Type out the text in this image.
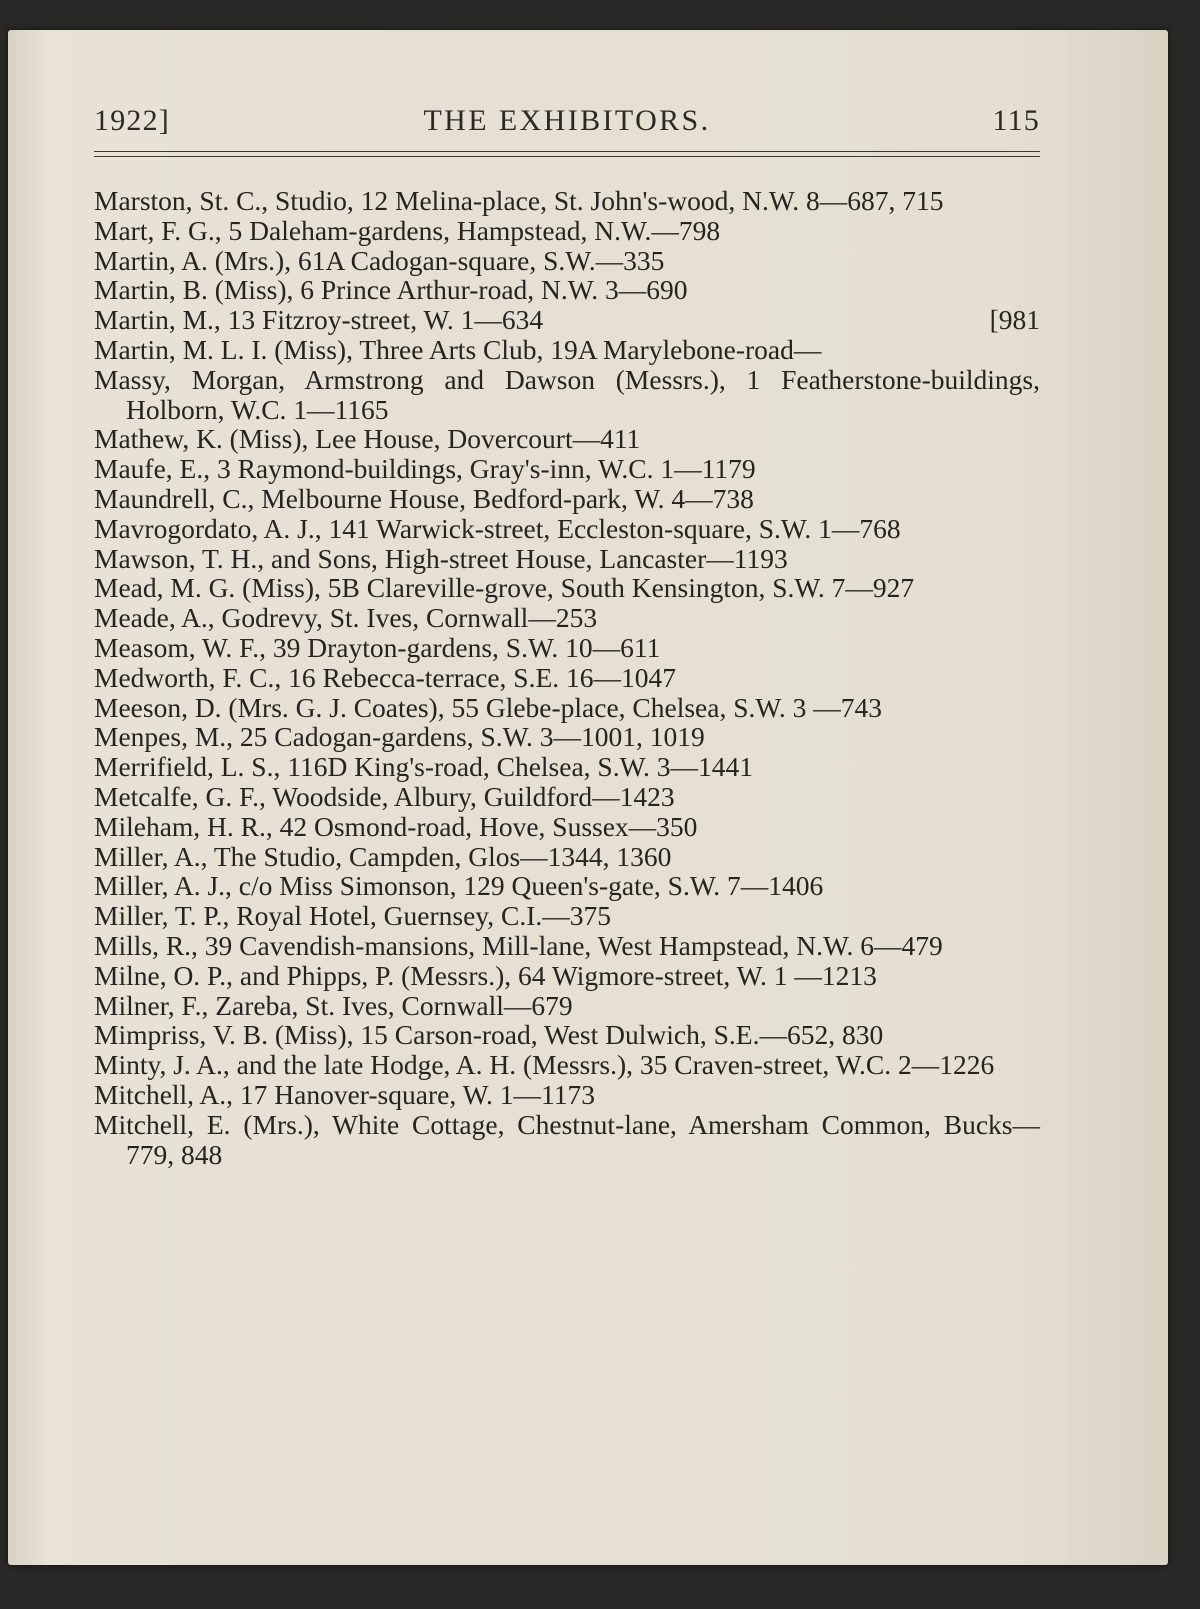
1922]	THE EXHIBITORS.	115

Marston, St. C., Studio, 12 Melina-place, St. John's-wood, N.W. 8—687, 715

Mart, F. G., 5 Daleham-gardens, Hampstead, N.W.—798

Martin, A. (Mrs.), 61A Cadogan-square, S.W.—335

Martin, B. (Miss), 6 Prince Arthur-road, N.W. 3—690

[981
Martin, M., 13 Fitzroy-street, W. 1—634

Martin, M. L. I. (Miss), Three Arts Club, 19A Marylebone-road—

Massy, Morgan, Armstrong and Dawson (Messrs.), 1 Featherstone-buildings, Holborn, W.C. 1—1165

Mathew, K. (Miss), Lee House, Dovercourt—411

Maufe, E., 3 Raymond-buildings, Gray's-inn, W.C. 1—1179

Maundrell, C., Melbourne House, Bedford-park, W. 4—738

Mavrogordato, A. J., 141 Warwick-street, Eccleston-square, S.W. 1—768

Mawson, T. H., and Sons, High-street House, Lancaster—1193

Mead, M. G. (Miss), 5B Clareville-grove, South Kensington, S.W. 7—927

Meade, A., Godrevy, St. Ives, Cornwall—253

Measom, W. F., 39 Drayton-gardens, S.W. 10—611

Medworth, F. C., 16 Rebecca-terrace, S.E. 16—1047

Meeson, D. (Mrs. G. J. Coates), 55 Glebe-place, Chelsea, S.W. 3 —743

Menpes, M., 25 Cadogan-gardens, S.W. 3—1001, 1019

Merrifield, L. S., 116D King's-road, Chelsea, S.W. 3—1441

Metcalfe, G. F., Woodside, Albury, Guildford—1423

Mileham, H. R., 42 Osmond-road, Hove, Sussex—350

Miller, A., The Studio, Campden, Glos—1344, 1360

Miller, A. J., c/o Miss Simonson, 129 Queen's-gate, S.W. 7—1406

Miller, T. P., Royal Hotel, Guernsey, C.I.—375

Mills, R., 39 Cavendish-mansions, Mill-lane, West Hampstead, N.W. 6—479

Milne, O. P., and Phipps, P. (Messrs.), 64 Wigmore-street, W. 1 —1213

Milner, F., Zareba, St. Ives, Cornwall—679

Mimpriss, V. B. (Miss), 15 Carson-road, West Dulwich, S.E.—652, 830

Minty, J. A., and the late Hodge, A. H. (Messrs.), 35 Craven-street, W.C. 2—1226

Mitchell, A., 17 Hanover-square, W. 1—1173

Mitchell, E. (Mrs.), White Cottage, Chestnut-lane, Amersham Common, Bucks—779, 848
